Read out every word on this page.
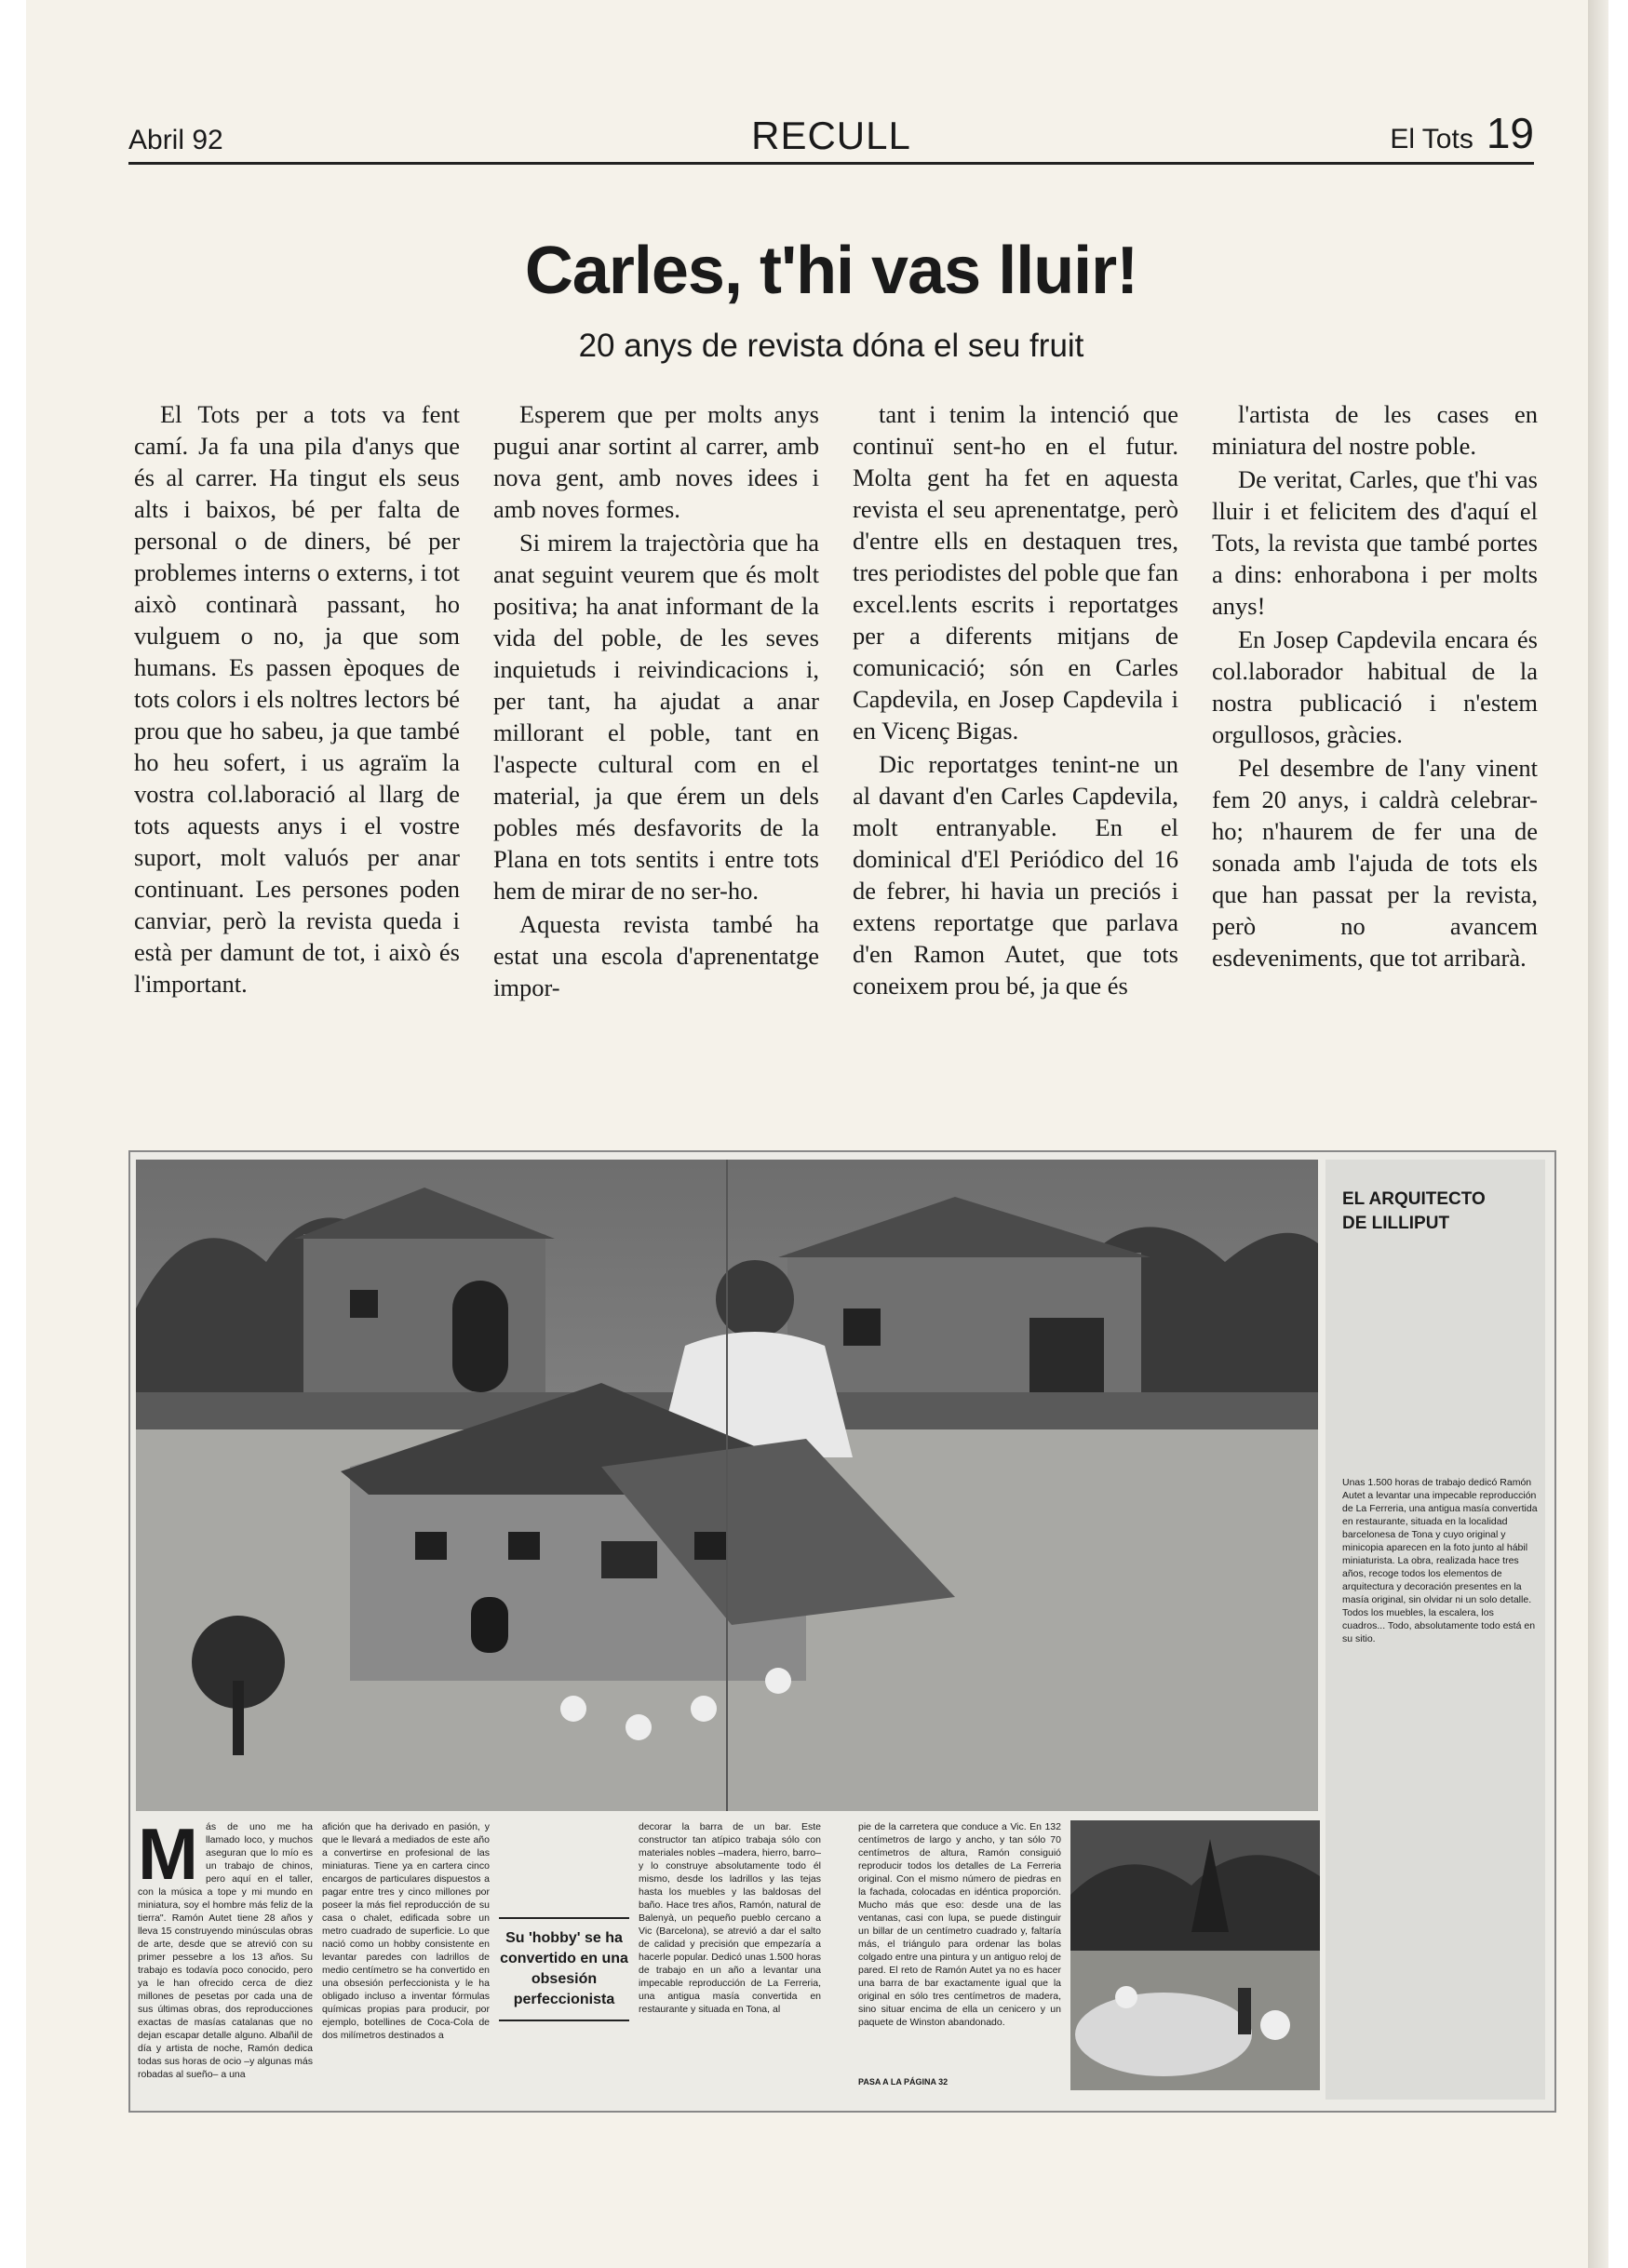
Abril 92	RECULL	El Tots 19
Carles, t'hi vas lluir!
20 anys de revista dóna el seu fruit

El Tots per a tots va fent camí. Ja fa una pila d'anys que és al carrer. Ha tingut els seus alts i baixos, bé per falta de personal o de diners, bé per problemes interns o externs, i tot això continarà passant, ho vulguem o no, ja que som humans. Es passen èpoques de tots colors i els noltres lectors bé prou que ho sabeu, ja que també ho heu sofert, i us agraïm la vostra col.laboració al llarg de tots aquests anys i el vostre suport, molt valuós per anar continuant. Les persones poden canviar, però la revista queda i està per damunt de tot, i això és l'important.

Esperem que per molts anys pugui anar sortint al carrer, amb nova gent, amb noves idees i amb noves formes.

Si mirem la trajectòria que ha anat seguint veurem que és molt positiva; ha anat informant de la vida del poble, de les seves inquietuds i reivindicacions i, per tant, ha ajudat a anar millorant el poble, tant en l'aspecte cultural com en el material, ja que érem un dels pobles més desfavorits de la Plana en tots sentits i entre tots hem de mirar de no ser-ho.

Aquesta revista també ha estat una escola d'aprenentatge impor-

tant i tenim la intenció que continuï sent-ho en el futur. Molta gent ha fet en aquesta revista el seu aprenentatge, però d'entre ells en destaquen tres, tres periodistes del poble que fan excel.lents escrits i reportatges per a diferents mitjans de comunicació; són en Carles Capdevila, en Josep Capdevila i en Vicenç Bigas.

Dic reportatges tenint-ne un al davant d'en Carles Capdevila, molt entranyable. En el dominical d'El Periódico del 16 de febrer, hi havia un preciós i extens reportatge que parlava d'en Ramon Autet, que tots coneixem prou bé, ja que és

l'artista de les cases en miniatura del nostre poble.

De veritat, Carles, que t'hi vas lluir i et felicitem des d'aquí el Tots, la revista que també portes a dins: enhorabona i per molts anys!

En Josep Capdevila encara és col.laborador habitual de la nostra publicació i n'estem orgullosos, gràcies.

Pel desembre de l'any vinent fem 20 anys, i caldrà celebrar-ho; n'haurem de fer una de sonada amb l'ajuda de tots els que han passat per la revista, però no avancem esdeveniments, que tot arribarà.

EL ARQUITECTO
DE LILLIPUT
Unas 1.500 horas de trabajo dedicó Ramón Autet a levantar una impecable reproducción de La Ferreria, una antigua masía convertida en restaurante, situada en la localidad barcelonesa de Tona y cuyo original y minicopia aparecen en la foto junto al hábil miniaturista. La obra, realizada hace tres años, recoge todos los elementos de arquitectura y decoración presentes en la masía original, sin olvidar ni un solo detalle. Todos los muebles, la escalera, los cuadros... Todo, absolutamente todo está en su sitio.
Más de uno me ha llamado loco, y muchos aseguran que lo mío es un trabajo de chinos, pero aquí en el taller, con la música a tope y mi mundo en miniatura, soy el hombre más feliz de la tierra". Ramón Autet tiene 28 años y lleva 15 construyendo minúsculas obras de arte, desde que se atrevió con su primer pessebre a los 13 años. Su trabajo es todavía poco conocido, pero ya le han ofrecido cerca de diez millones de pesetas por cada una de sus últimas obras, dos reproducciones exactas de masías catalanas que no dejan escapar detalle alguno. Albañil de día y artista de noche, Ramón dedica todas sus horas de ocio –y algunas más robadas al sueño– a una
afición que ha derivado en pasión, y que le llevará a mediados de este año a convertirse en profesional de las miniaturas. Tiene ya en cartera cinco encargos de particulares dispuestos a pagar entre tres y cinco millones por poseer la más fiel reproducción de su casa o chalet, edificada sobre un metro cuadrado de superficie. Lo que nació como un hobby consistente en levantar paredes con ladrillos de medio centímetro se ha convertido en una obsesión perfeccionista y le ha obligado incluso a inventar fórmulas químicas propias para producir, por ejemplo, botellines de Coca-Cola de dos milímetros destinados a
Su 'hobby' se ha convertido en una obsesión perfeccionista
decorar la barra de un bar. Este constructor tan atípico trabaja sólo con materiales nobles –madera, hierro, barro– y lo construye absolutamente todo él mismo, desde los ladrillos y las tejas hasta los muebles y las baldosas del baño. Hace tres años, Ramón, natural de Balenyà, un pequeño pueblo cercano a Vic (Barcelona), se atrevió a dar el salto de calidad y precisión que empezaría a hacerle popular. Dedicó unas 1.500 horas de trabajo en un año a levantar una impecable reproducción de La Ferreria, una antigua masía convertida en restaurante y situada en Tona, al
pie de la carretera que conduce a Vic. En 132 centímetros de largo y ancho, y tan sólo 70 centímetros de altura, Ramón consiguió reproducir todos los detalles de La Ferreria original. Con el mismo número de piedras en la fachada, colocadas en idéntica proporción. Mucho más que eso: desde una de las ventanas, casi con lupa, se puede distinguir un billar de un centímetro cuadrado y, faltaría más, el triángulo para ordenar las bolas colgado entre una pintura y un antiguo reloj de pared. El reto de Ramón Autet ya no es hacer una barra de bar exactamente igual que la original en sólo tres centímetros de madera, sino situar encima de ella un cenicero y un paquete de Winston abandonado.
PASA A LA PÁGINA 32
